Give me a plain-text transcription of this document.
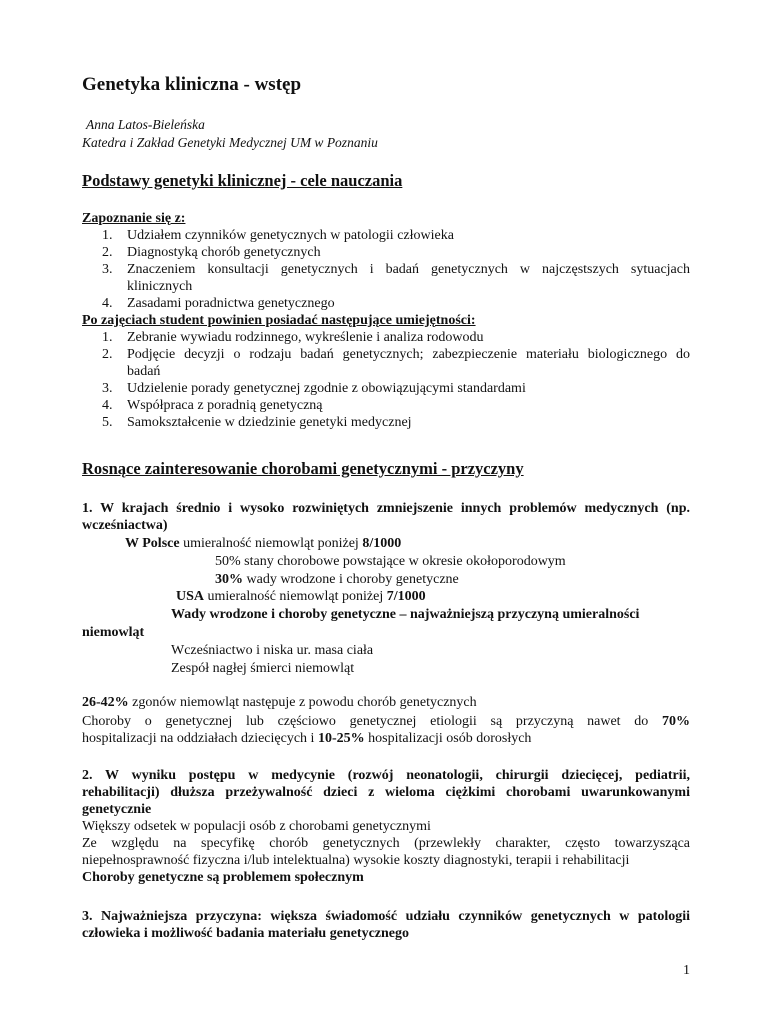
Genetyka kliniczna - wstęp
Anna Latos-Bieleńska
Katedra i Zakład Genetyki Medycznej UM w Poznaniu
Podstawy genetyki klinicznej - cele nauczania
Zapoznanie się z:
1. Udziałem czynników genetycznych w patologii człowieka
2. Diagnostyką chorób genetycznych
3. Znaczeniem konsultacji genetycznych i badań genetycznych w najczęstszych sytuacjach
klinicznych
4. Zasadami poradnictwa genetycznego
Po zajęciach student powinien posiadać następujące umiejętności:
1. Zebranie wywiadu rodzinnego, wykreślenie i analiza rodowodu
2. Podjęcie decyzji o rodzaju badań genetycznych; zabezpieczenie materiału biologicznego do
badań
3. Udzielenie porady genetycznej zgodnie z obowiązującymi standardami
4. Współpraca z poradnią genetyczną
5. Samokształcenie w dziedzinie genetyki medycznej
Rosnące zainteresowanie chorobami genetycznymi - przyczyny
1. W krajach średnio i wysoko rozwiniętych zmniejszenie innych problemów medycznych (np.
wcześniactwa)
W Polsce umieralność niemowląt poniżej 8/1000
50% stany chorobowe powstające w okresie okołoporodowym
30% wady wrodzone i choroby genetyczne
USA umieralność niemowląt poniżej 7/1000
Wady wrodzone i choroby genetyczne – najważniejszą przyczyną umieralności
niemowląt
Wcześniactwo i niska ur. masa ciała
Zespół nagłej śmierci niemowląt
26-42% zgonów niemowląt następuje z powodu chorób genetycznych
Choroby o genetycznej lub częściowo genetycznej etiologii są przyczyną nawet do 70%
hospitalizacji na oddziałach dziecięcych i 10-25% hospitalizacji osób dorosłych
2. W wyniku postępu w medycynie (rozwój neonatologii, chirurgii dziecięcej, pediatrii,
rehabilitacji) dłuższa przeżywalność dzieci z wieloma ciężkimi chorobami uwarunkowanymi
genetycznie
Większy odsetek w populacji osób z chorobami genetycznymi
Ze względu na specyfikę chorób genetycznych (przewlekły charakter, często towarzysząca
niepełnosprawność fizyczna i/lub intelektualna) wysokie koszty diagnostyki, terapii i rehabilitacji
Choroby genetyczne są problemem społecznym
3. Najważniejsza przyczyna: większa świadomość udziału czynników genetycznych w patologii
człowieka i możliwość badania materiału genetycznego
1
